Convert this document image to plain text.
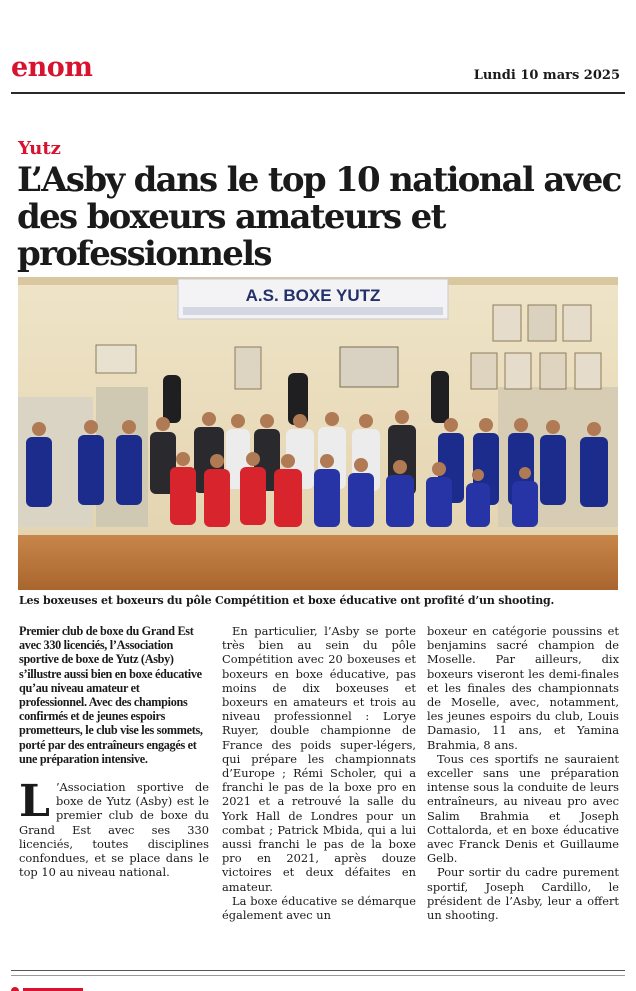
enom	Lundi 10 mars 2025
Yutz
L’Asby dans le top 10 national avec des boxeurs amateurs et professionnels
A.S. BOXE YUTZ
Les boxeuses et boxeurs du pôle Compétition et boxe éducative ont profité d’un shooting.

Premier club de boxe du Grand Est avec 330 licenciés, l’Association sportive de boxe de Yutz (Asby) s’illustre aussi bien en boxe éducative qu’au niveau amateur et professionnel. Avec des champions confirmés et de jeunes espoirs prometteurs, le club vise les sommets, porté par des entraîneurs engagés et une préparation intensive.

L ’Association sportive de boxe de Yutz (Asby) est le premier club de boxe du Grand Est avec ses 330 licenciés, toutes disciplines confondues, et se place dans le top 10 au niveau national.

En particulier, l’Asby se porte très bien au sein du pôle Compétition avec 20 boxeuses et boxeurs en boxe éducative, pas moins de dix boxeuses et boxeurs en amateurs et trois au niveau professionnel : Lorye Ruyer, double championne de France des poids super-légers, qui prépare les championnats d’Europe ; Rémi Scholer, qui a franchi le pas de la boxe pro en 2021 et a retrouvé la salle du York Hall de Londres pour un combat ; Patrick Mbida, qui a lui aussi franchi le pas de la boxe pro en 2021, après douze victoires et deux défaites en amateur.

La boxe éducative se démarque également avec un

boxeur en catégorie poussins et benjamins sacré champion de Moselle. Par ailleurs, dix boxeurs viseront les demi-finales et les finales des championnats de Moselle, avec, notamment, les jeunes espoirs du club, Louis Damasio, 11 ans, et Yamina Brahmia, 8 ans.

Tous ces sportifs ne sauraient exceller sans une préparation intense sous la conduite de leurs entraîneurs, au niveau pro avec Salim Brahmia et Joseph Cottalorda, et en boxe éducative avec Franck Denis et Guillaume Gelb.

Pour sortir du cadre purement sportif, Joseph Cardillo, le président de l’Asby, leur a offert un shooting.
